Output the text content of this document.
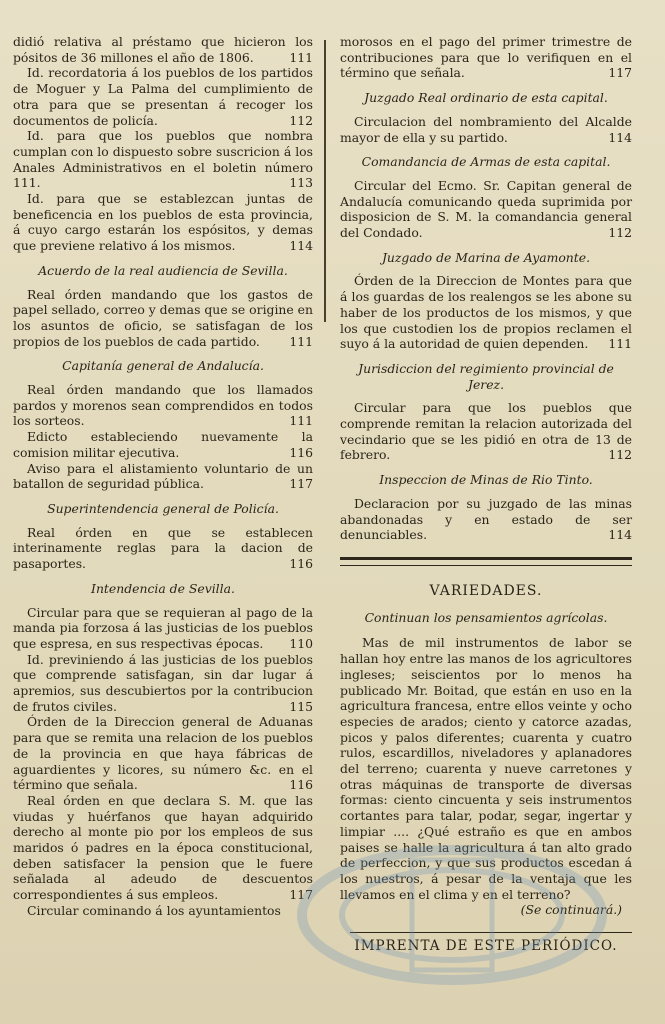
didió relativa al préstamo que hicieron los pósitos de 36 millones el año de 1806.	111

Id. recordatoria á los pueblos de los partidos de Moguer y La Palma del cumplimiento de otra para que se presentan á recoger los documentos de policía.	112

Id. para que los pueblos que nombra cumplan con lo dispuesto sobre suscricion á los Anales Administrativos en el boletin número 111.	113

Id. para que se establezcan juntas de beneficencia en los pueblos de esta provincia, á cuyo cargo estarán los espósitos, y demas que previene relativo á los mismos.	114

Acuerdo de la real audiencia de Sevilla.

Real órden mandando que los gastos de papel sellado, correo y demas que se origine en los asuntos de oficio, se satisfagan de los propios de los pueblos de cada partido.	111

Capitanía general de Andalucía.

Real órden mandando que los llamados pardos y morenos sean comprendidos en todos los sorteos.	111

Edicto estableciendo nuevamente la comision militar ejecutiva.	116

Aviso para el alistamiento voluntario de un batallon de seguridad pública.	117

Superintendencia general de Policía.

Real órden en que se establecen interinamente reglas para la dacion de pasaportes.	116

Intendencia de Sevilla.

Circular para que se requieran al pago de la manda pia forzosa á las justicias de los pueblos que espresa, en sus respectivas épocas.	110

Id. previniendo á las justicias de los pueblos que comprende satisfagan, sin dar lugar á apremios, sus descubiertos por la contribucion de frutos civiles.	115

Órden de la Direccion general de Aduanas para que se remita una relacion de los pueblos de la provincia en que haya fábricas de aguardientes y licores, su número &c. en el término que señala.	116

Real órden en que declara S. M. que las viudas y huérfanos que hayan adquirido derecho al monte pio por los empleos de sus maridos ó padres en la época constitucional, deben satisfacer la pension que le fuere señalada al adeudo de descuentos correspondientes á sus empleos.	117

Circular cominando á los ayuntamientos

morosos en el pago del primer trimestre de contribuciones para que lo verifiquen en el término que señala.	117

Juzgado Real ordinario de esta capital.

Circulacion del nombramiento del Alcalde mayor de ella y su partido.	114

Comandancia de Armas de esta capital.

Circular del Ecmo. Sr. Capitan general de Andalucía comunicando queda suprimida por disposicion de S. M. la comandancia general del Condado.	112

Juzgado de Marina de Ayamonte.

Órden de la Direccion de Montes para que á los guardas de los realengos se les abone su haber de los productos de los mismos, y que los que custodien los de propios reclamen el suyo á la autoridad de quien dependen.	111

Jurisdiccion del regimiento provincial de Jerez.

Circular para que los pueblos que comprende remitan la relacion autorizada del vecindario que se les pidió en otra de 13 de febrero.	112

Inspeccion de Minas de Rio Tinto.

Declaracion por su juzgado de las minas abandonadas y en estado de ser denunciables.	114

VARIEDADES.
Continuan los pensamientos agrícolas.

Mas de mil instrumentos de labor se hallan hoy entre las manos de los agricultores ingleses; seiscientos por lo menos ha publicado Mr. Boitad, que están en uso en la agricultura francesa, entre ellos veinte y ocho especies de arados; ciento y catorce azadas, picos y palos diferentes; cuarenta y cuatro rulos, escardillos, niveladores y aplanadores del terreno; cuarenta y nueve carretones y otras máquinas de transporte de diversas formas: ciento cincuenta y seis instrumentos cortantes para talar, podar, segar, ingertar y limpiar .... ¿Qué estraño es que en ambos paises se halle la agricultura á tan alto grado de perfeccion, y que sus productos escedan á los nuestros, á pesar de la ventaja que les llevamos en el clima y en el terreno?

(Se continuará.)
IMPRENTA DE ESTE PERIÓDICO.
